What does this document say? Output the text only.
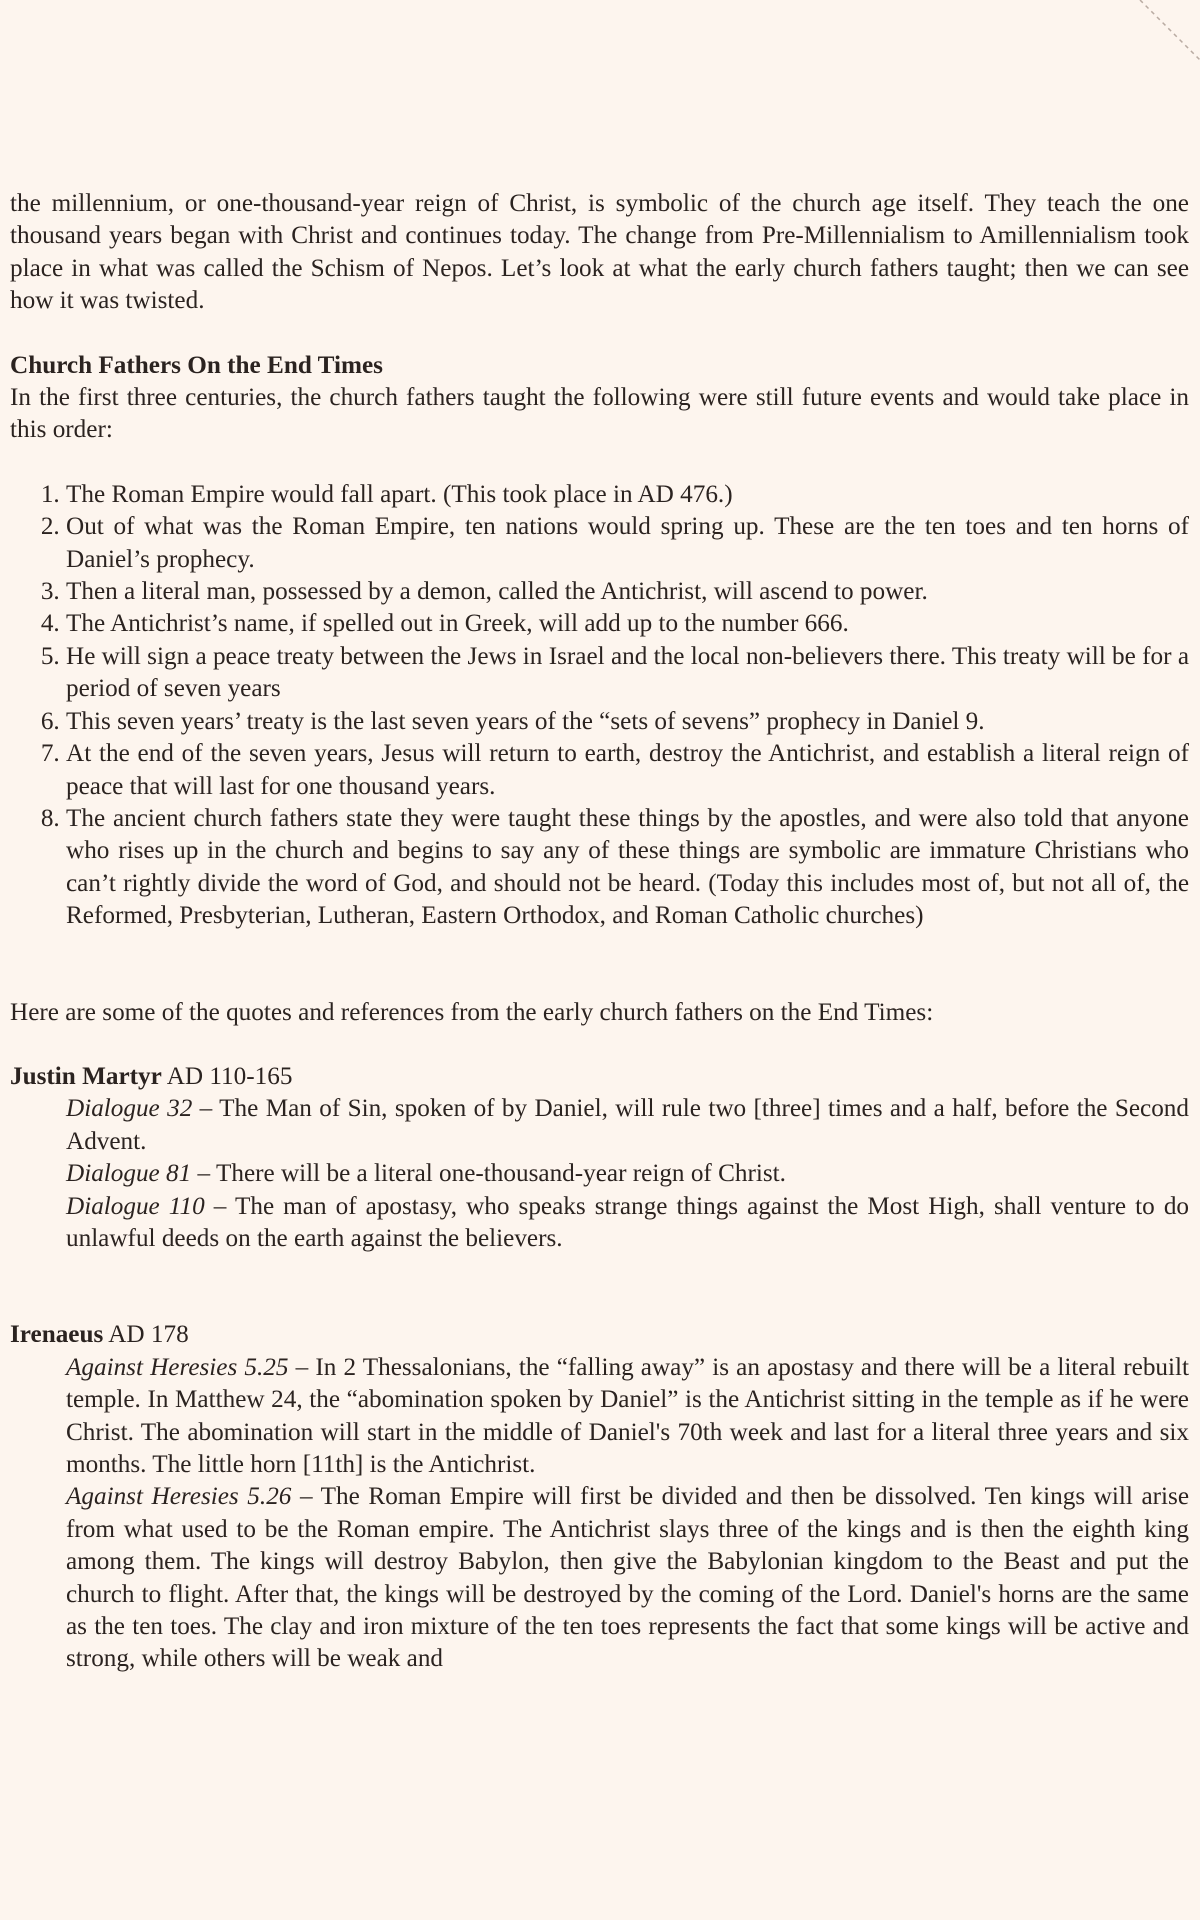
the millennium, or one-thousand-year reign of Christ, is symbolic of the church age itself. They teach the one thousand years began with Christ and continues today. The change from Pre-Millennialism to Amillennialism took place in what was called the Schism of Nepos. Let’s look at what the early church fathers taught; then we can see how it was twisted.

Church Fathers On the End Times

In the first three centuries, the church fathers taught the following were still future events and would take place in this order:

1. The Roman Empire would fall apart. (This took place in AD 476.)
2. Out of what was the Roman Empire, ten nations would spring up. These are the ten toes and ten horns of Daniel’s prophecy.
3. Then a literal man, possessed by a demon, called the Antichrist, will ascend to power.
4. The Antichrist’s name, if spelled out in Greek, will add up to the number 666.
5. He will sign a peace treaty between the Jews in Israel and the local non-believers there. This treaty will be for a period of seven years
6. This seven years’ treaty is the last seven years of the “sets of sevens” prophecy in Daniel 9.
7. At the end of the seven years, Jesus will return to earth, destroy the Antichrist, and establish a literal reign of peace that will last for one thousand years.
8. The ancient church fathers state they were taught these things by the apostles, and were also told that anyone who rises up in the church and begins to say any of these things are symbolic are immature Christians who can’t rightly divide the word of God, and should not be heard. (Today this includes most of, but not all of, the Reformed, Presbyterian, Lutheran, Eastern Orthodox, and Roman Catholic churches)

Here are some of the quotes and references from the early church fathers on the End Times:

Justin Martyr AD 110-165

Dialogue 32 – The Man of Sin, spoken of by Daniel, will rule two [three] times and a half, before the Second Advent.

Dialogue 81 – There will be a literal one-thousand-year reign of Christ.

Dialogue 110 – The man of apostasy, who speaks strange things against the Most High, shall venture to do unlawful deeds on the earth against the believers.

Irenaeus AD 178

Against Heresies 5.25 – In 2 Thessalonians, the “falling away” is an apostasy and there will be a literal rebuilt temple. In Matthew 24, the “abomination spoken by Daniel” is the Antichrist sitting in the temple as if he were Christ. The abomination will start in the middle of Daniel's 70th week and last for a literal three years and six months. The little horn [11th] is the Antichrist.

Against Heresies 5.26 – The Roman Empire will first be divided and then be dissolved. Ten kings will arise from what used to be the Roman empire. The Antichrist slays three of the kings and is then the eighth king among them. The kings will destroy Babylon, then give the Babylonian kingdom to the Beast and put the church to flight. After that, the kings will be destroyed by the coming of the Lord. Daniel's horns are the same as the ten toes. The clay and iron mixture of the ten toes represents the fact that some kings will be active and strong, while others will be weak and
